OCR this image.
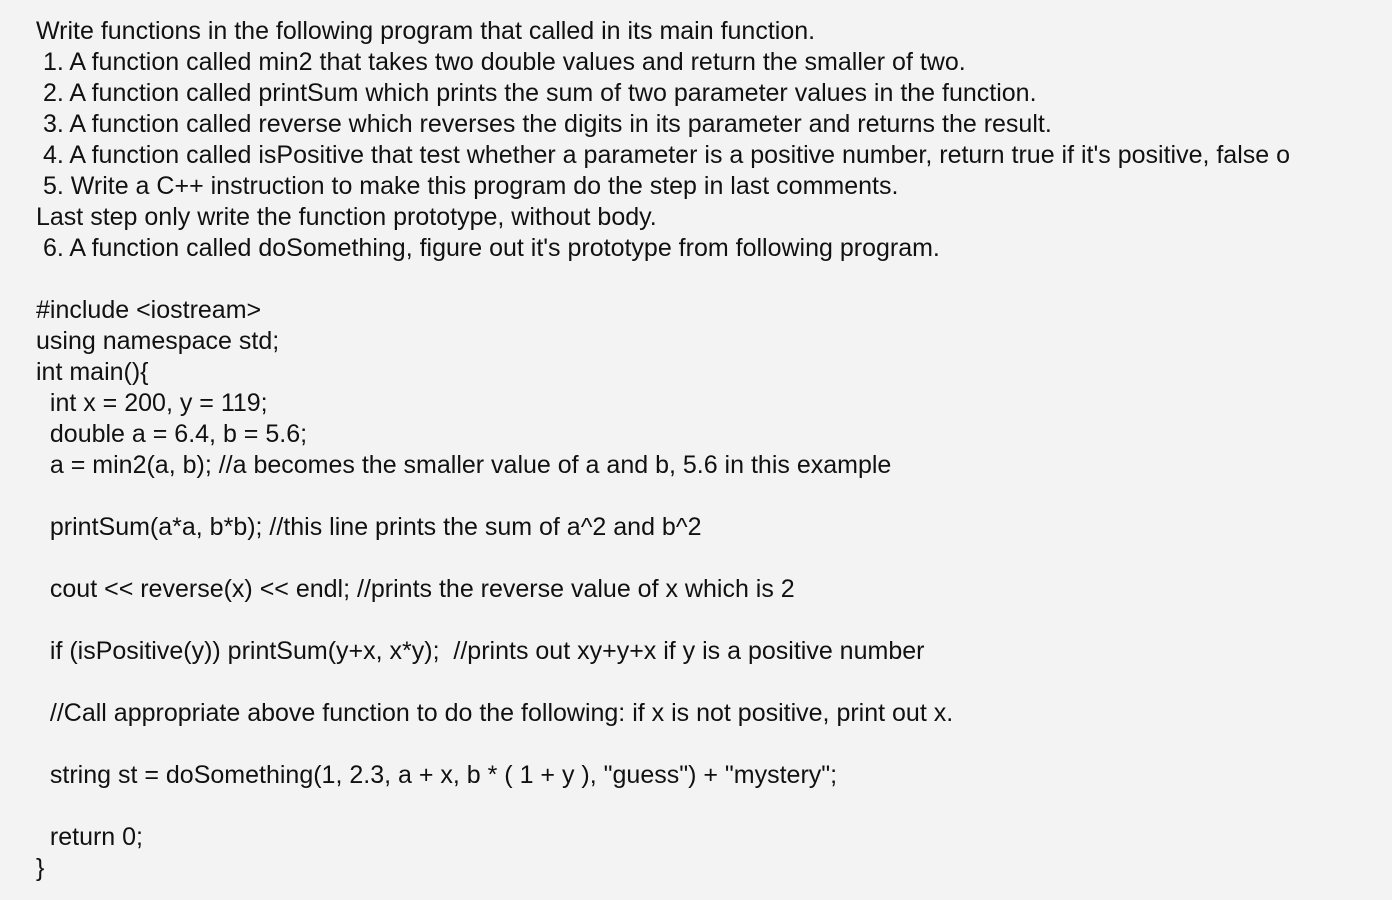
Write functions in the following program that called in its main function.
1. A function called min2 that takes two double values and return the smaller of two.
2. A function called printSum which prints the sum of two parameter values in the function.
3. A function called reverse which reverses the digits in its parameter and returns the result.
4. A function called isPositive that test whether a parameter is a positive number, return true if it's positive, false o
5. Write a C++ instruction to make this program do the step in last comments.
Last step only write the function prototype, without body.
6. A function called doSomething, figure out it's prototype from following program.
#include <iostream>
using namespace std;
int main(){
int x = 200, y = 119;
double a = 6.4, b = 5.6;
a = min2(a, b); //a becomes the smaller value of a and b, 5.6 in this example
printSum(a*a, b*b); //this line prints the sum of a^2 and b^2
cout << reverse(x) << endl; //prints the reverse value of x which is 2
if (isPositive(y)) printSum(y+x, x*y);  //prints out xy+y+x if y is a positive number
//Call appropriate above function to do the following: if x is not positive, print out x.
string st = doSomething(1, 2.3, a + x, b * ( 1 + y ), "guess") + "mystery";
return 0;
}
